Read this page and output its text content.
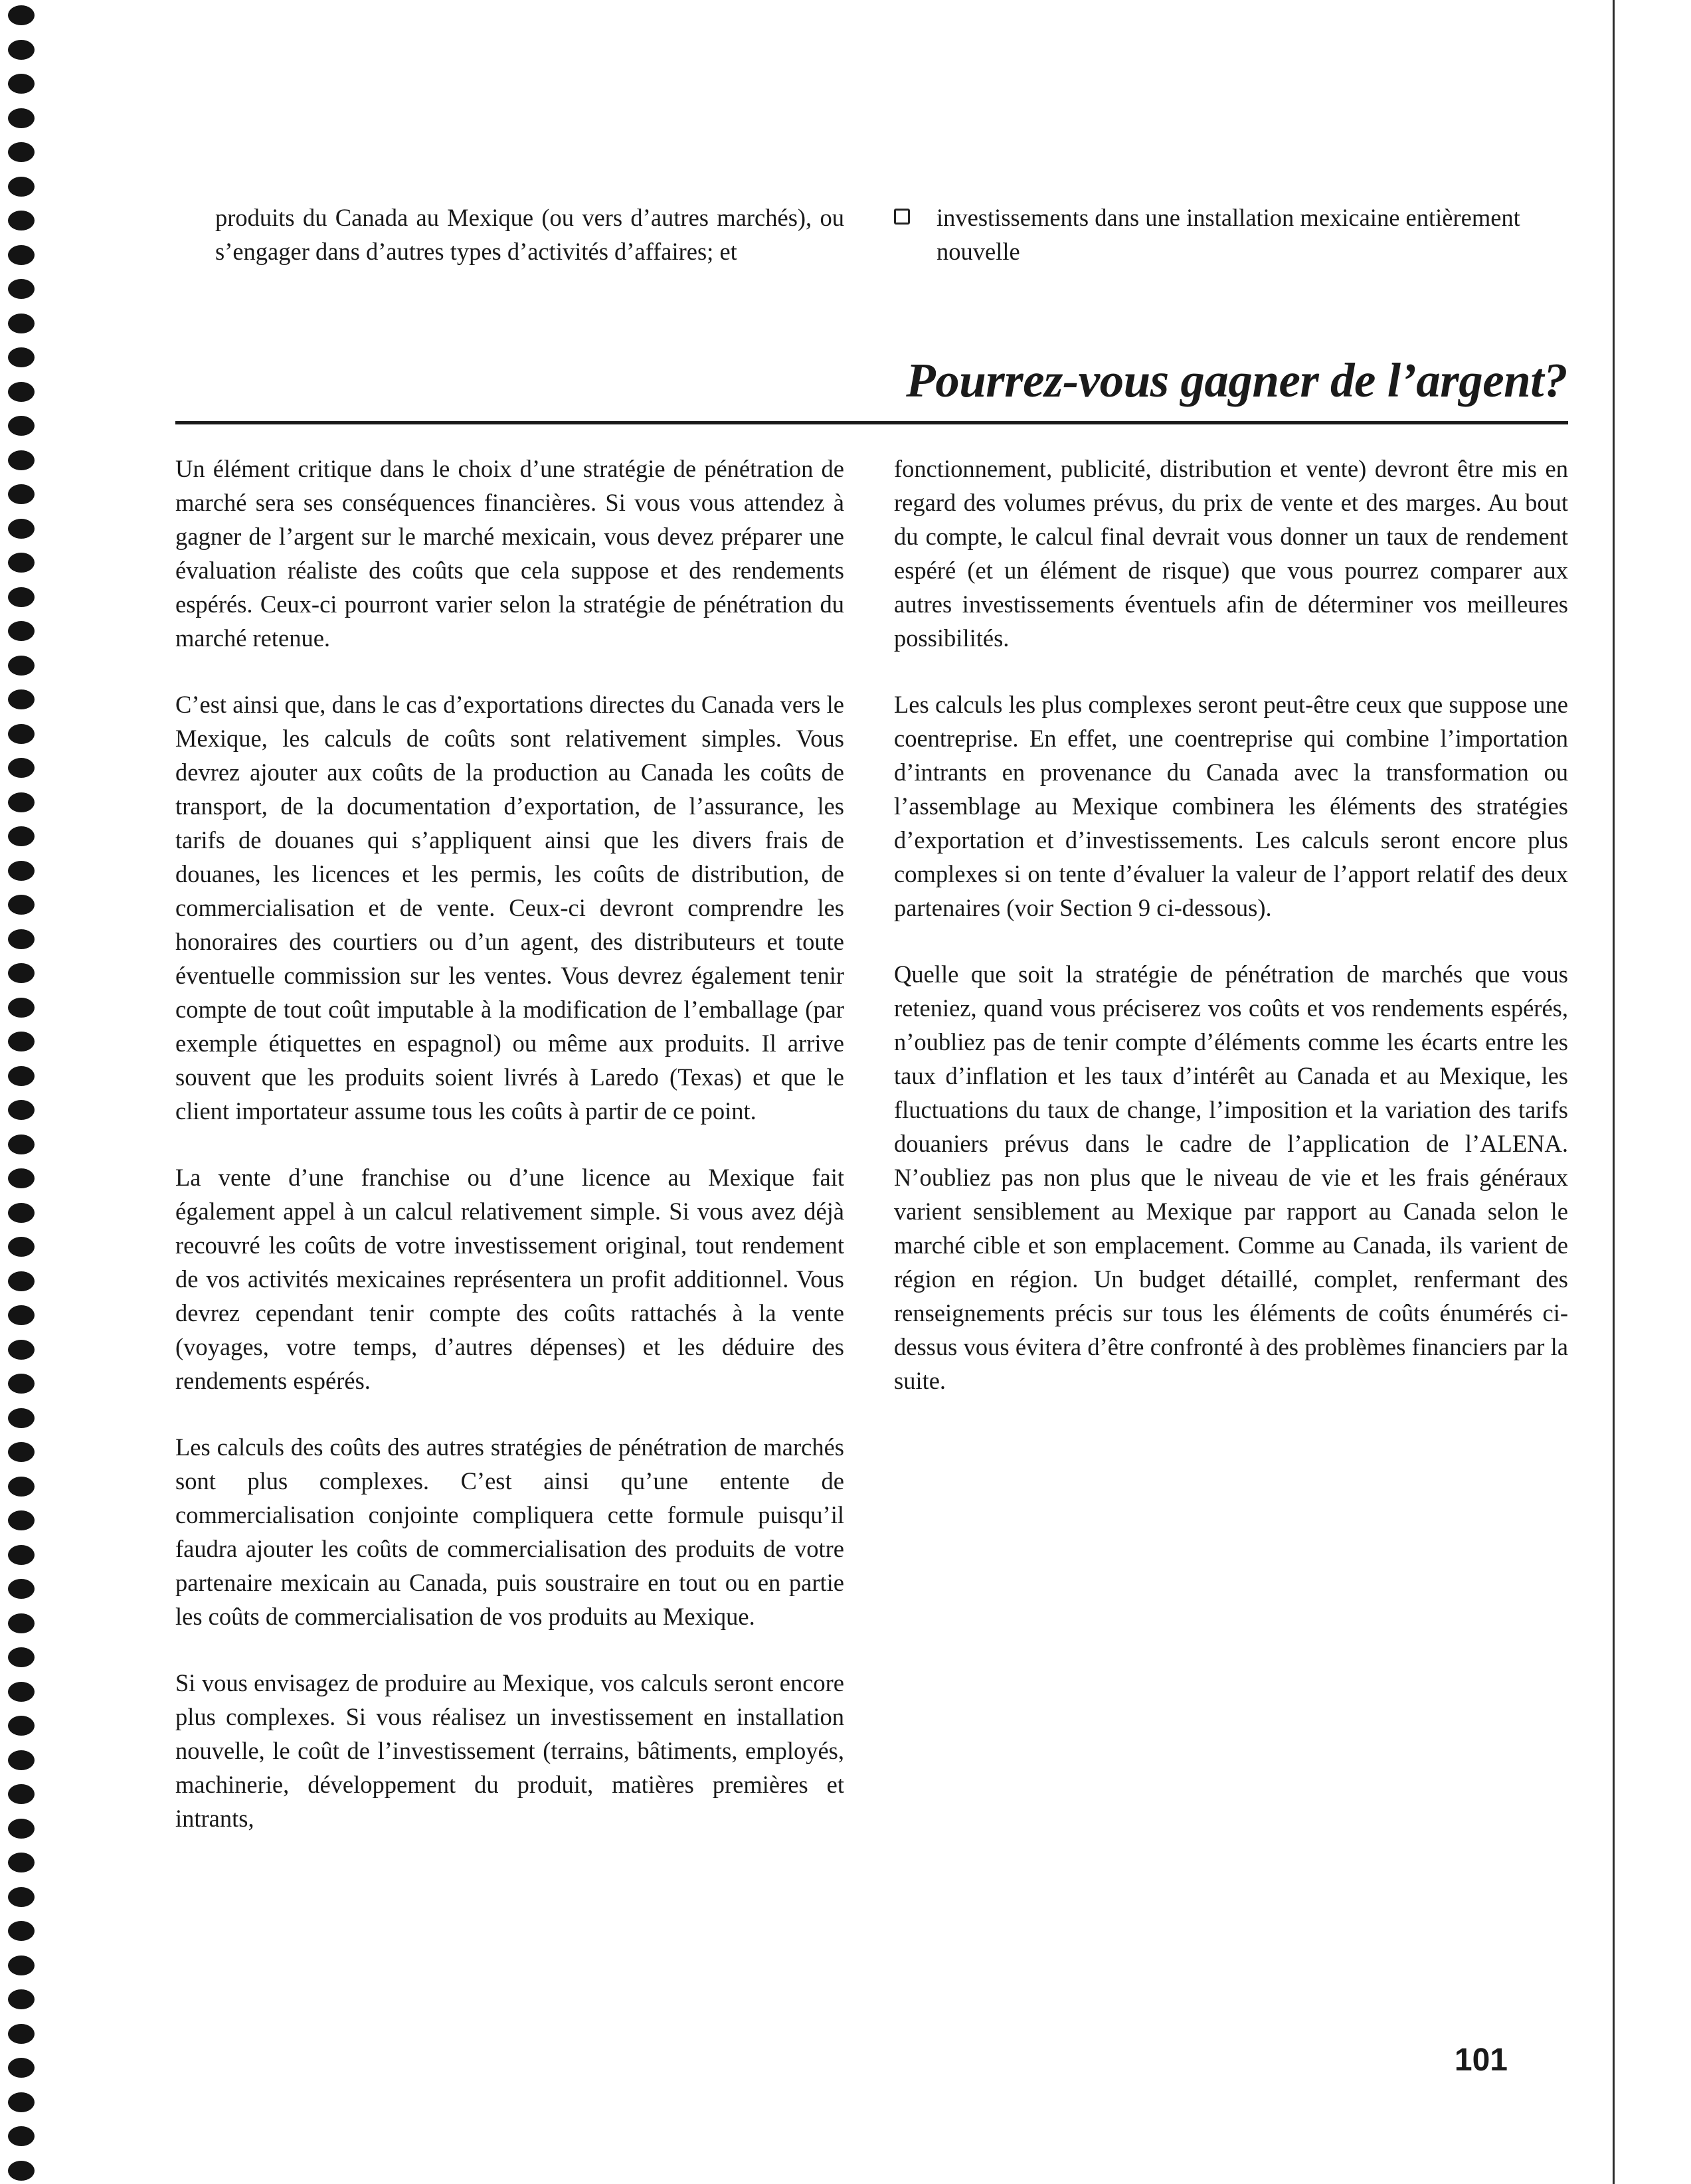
produits du Canada au Mexique (ou vers d’autres marchés), ou s’engager dans d’autres types d’activités d’affaires; et

investissements dans une installation mexicaine entièrement nouvelle
Pourrez-vous gagner de l’argent?

Un élément critique dans le choix d’une stratégie de pénétration de marché sera ses conséquences financières. Si vous vous attendez à gagner de l’argent sur le marché mexicain, vous devez préparer une évaluation réaliste des coûts que cela suppose et des rendements espérés. Ceux-ci pourront varier selon la stratégie de pénétration du marché retenue.

C’est ainsi que, dans le cas d’exportations directes du Canada vers le Mexique, les calculs de coûts sont relativement simples. Vous devrez ajouter aux coûts de la production au Canada les coûts de transport, de la documentation d’exportation, de l’assurance, les tarifs de douanes qui s’appliquent ainsi que les divers frais de douanes, les licences et les permis, les coûts de distribution, de commercialisation et de vente. Ceux-ci devront comprendre les honoraires des courtiers ou d’un agent, des distributeurs et toute éventuelle commission sur les ventes. Vous devrez également tenir compte de tout coût imputable à la modification de l’emballage (par exemple étiquettes en espagnol) ou même aux produits. Il arrive souvent que les produits soient livrés à Laredo (Texas) et que le client importateur assume tous les coûts à partir de ce point.

La vente d’une franchise ou d’une licence au Mexique fait également appel à un calcul relativement simple. Si vous avez déjà recouvré les coûts de votre investissement original, tout rendement de vos activités mexicaines représentera un profit additionnel. Vous devrez cependant tenir compte des coûts rattachés à la vente (voyages, votre temps, d’autres dépenses) et les déduire des rendements espérés.

Les calculs des coûts des autres stratégies de pénétration de marchés sont plus complexes. C’est ainsi qu’une entente de commercialisation conjointe compliquera cette formule puisqu’il faudra ajouter les coûts de commercialisation des produits de votre partenaire mexicain au Canada, puis soustraire en tout ou en partie les coûts de commercialisation de vos produits au Mexique.

Si vous envisagez de produire au Mexique, vos calculs seront encore plus complexes. Si vous réalisez un investissement en installation nouvelle, le coût de l’investissement (terrains, bâtiments, employés, machinerie, développement du produit, matières premières et intrants,

fonctionnement, publicité, distribution et vente) devront être mis en regard des volumes prévus, du prix de vente et des marges. Au bout du compte, le calcul final devrait vous donner un taux de rendement espéré (et un élément de risque) que vous pourrez comparer aux autres investissements éventuels afin de déterminer vos meilleures possibilités.

Les calculs les plus complexes seront peut-être ceux que suppose une coentreprise. En effet, une coentreprise qui combine l’importation d’intrants en provenance du Canada avec la transformation ou l’assemblage au Mexique combinera les éléments des stratégies d’exportation et d’investissements. Les calculs seront encore plus complexes si on tente d’évaluer la valeur de l’apport relatif des deux partenaires (voir Section 9 ci-dessous).

Quelle que soit la stratégie de pénétration de marchés que vous reteniez, quand vous préciserez vos coûts et vos rendements espérés, n’oubliez pas de tenir compte d’éléments comme les écarts entre les taux d’inflation et les taux d’intérêt au Canada et au Mexique, les fluctuations du taux de change, l’imposition et la variation des tarifs douaniers prévus dans le cadre de l’application de l’ALENA. N’oubliez pas non plus que le niveau de vie et les frais généraux varient sensiblement au Mexique par rapport au Canada selon le marché cible et son emplacement. Comme au Canada, ils varient de région en région. Un budget détaillé, complet, renfermant des renseignements précis sur tous les éléments de coûts énumérés ci-dessus vous évitera d’être confronté à des problèmes financiers par la suite.

101
